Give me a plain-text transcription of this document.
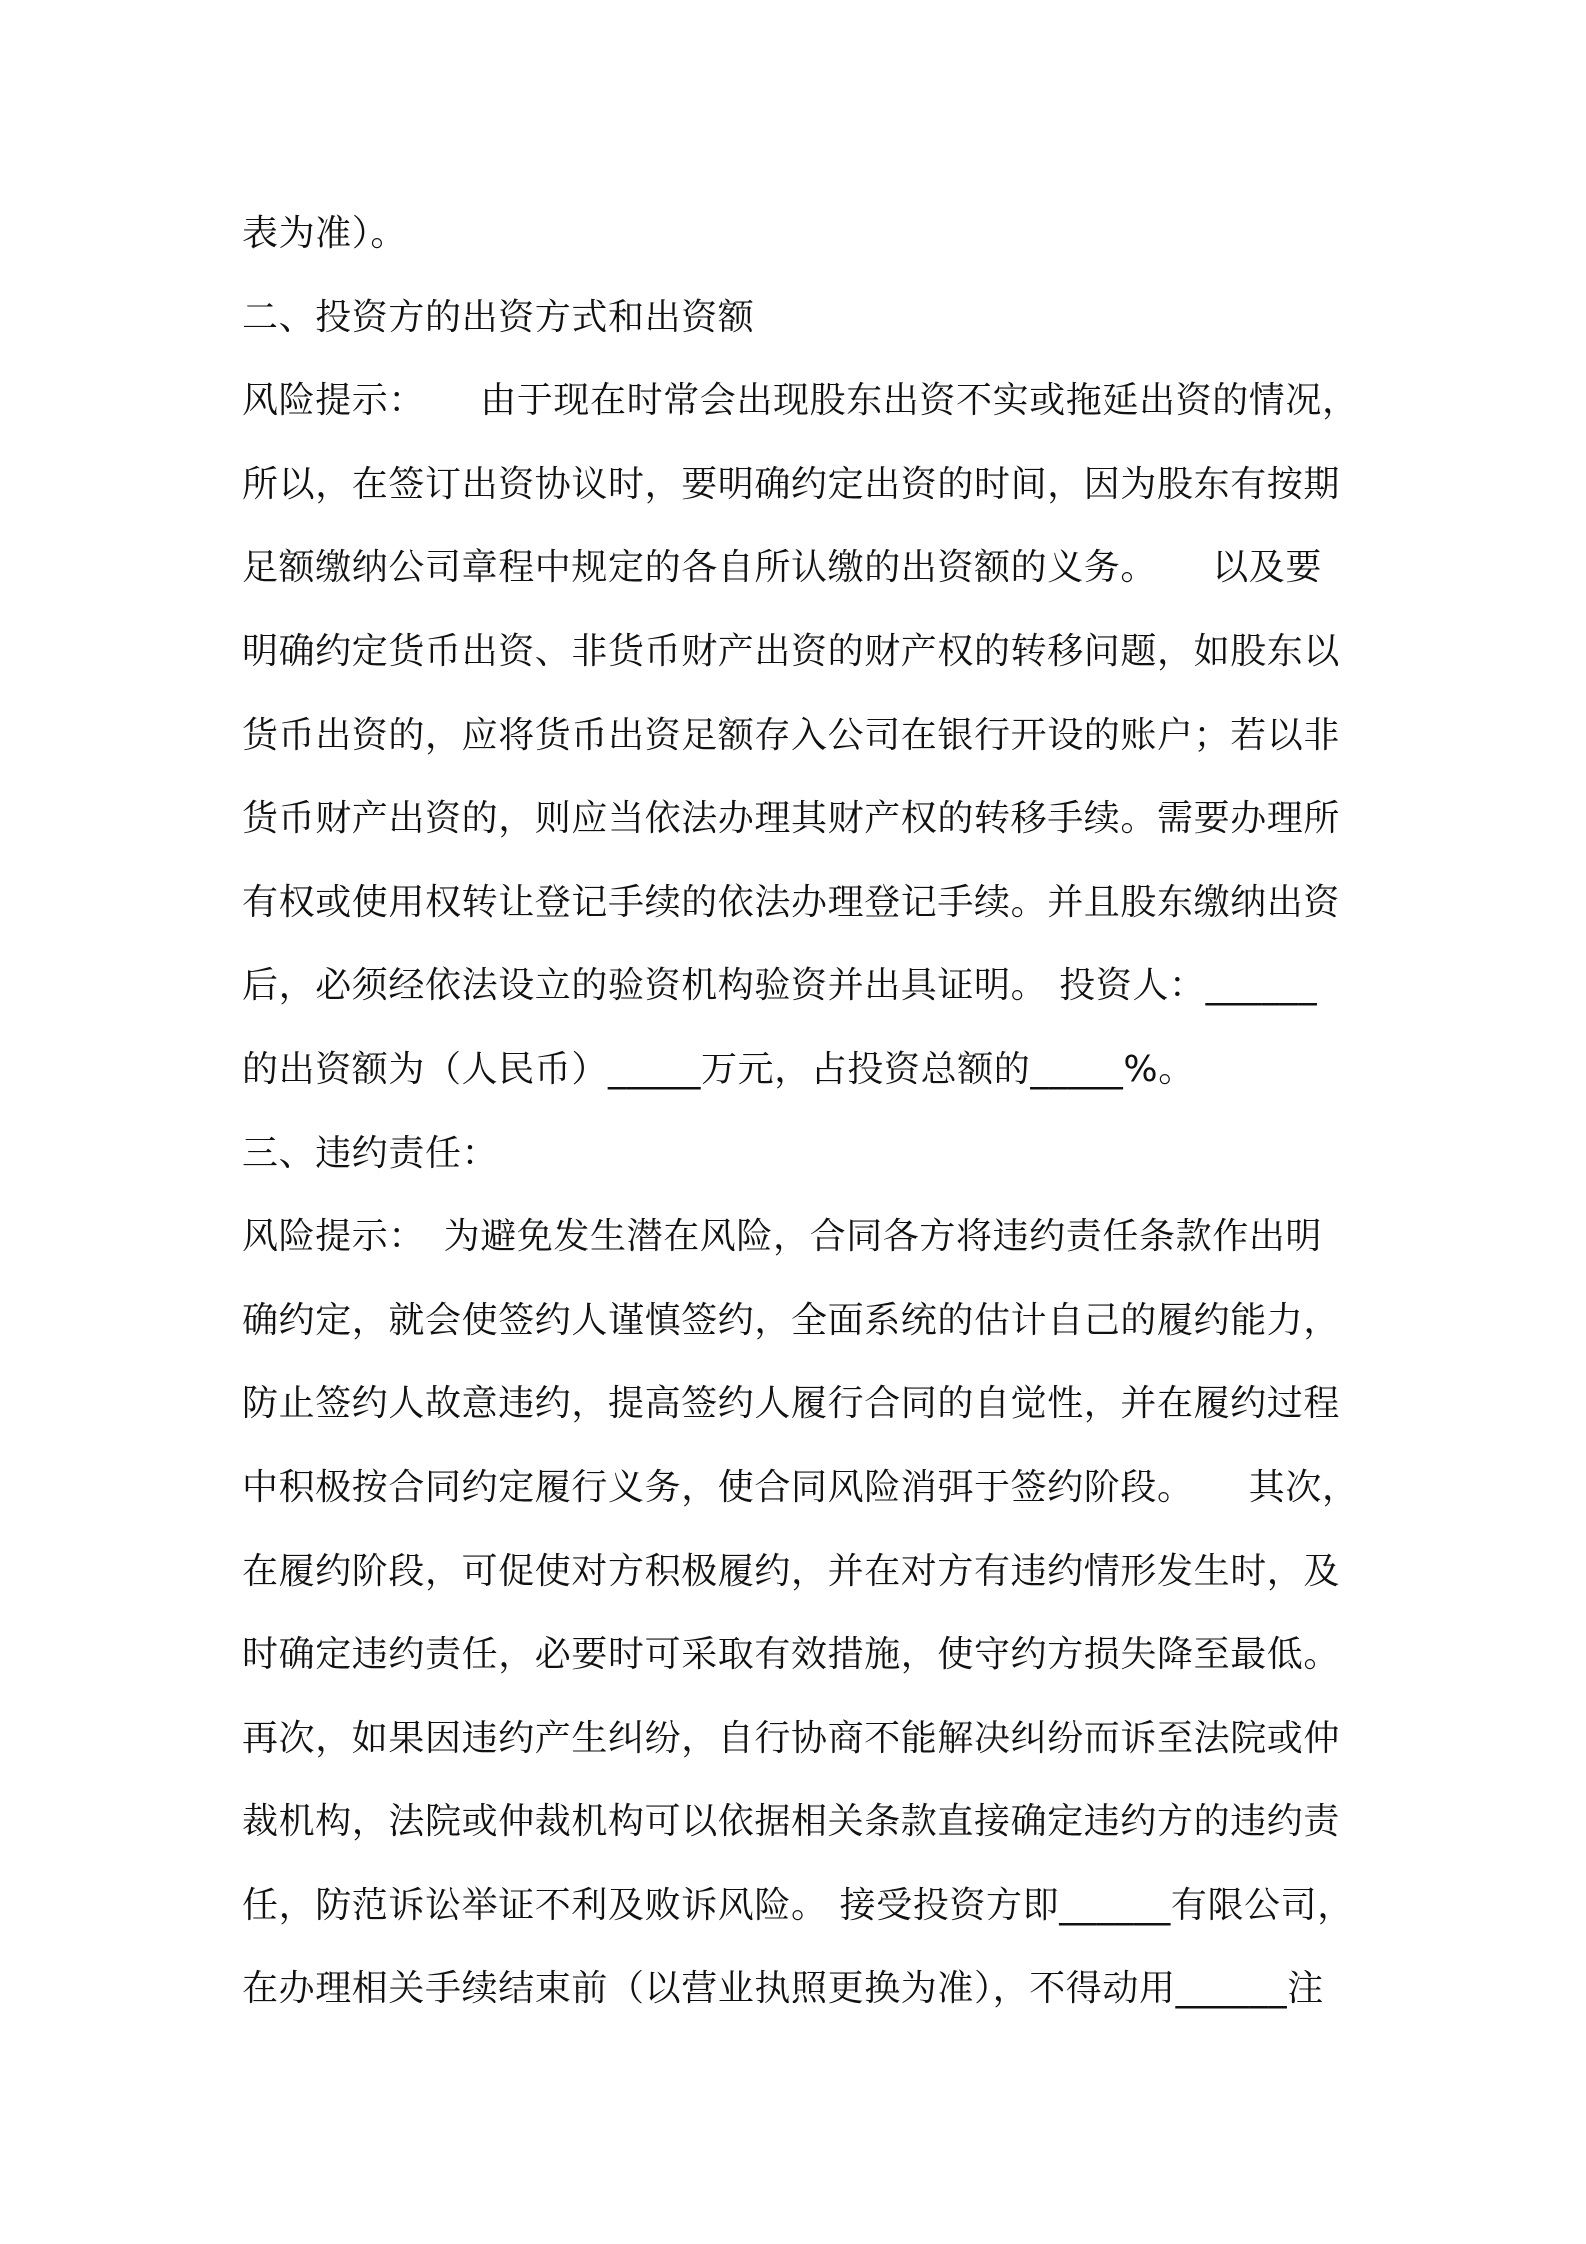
表为准）。
二、投资方的出资方式和出资额
风险提示：　　由于现在时常会出现股东出资不实或拖延出资的情况，
所以，在签订出资协议时，要明确约定出资的时间，因为股东有按期
足额缴纳公司章程中规定的各自所认缴的出资额的义务。　　以及要
明确约定货币出资、非货币财产出资的财产权的转移问题，如股东以
货币出资的，应将货币出资足额存入公司在银行开设的账户；若以非
货币财产出资的，则应当依法办理其财产权的转移手续。需要办理所
有权或使用权转让登记手续的依法办理登记手续。并且股东缴纳出资
后，必须经依法设立的验资机构验资并出具证明。 投资人：______
的出资额为（人民币）_____万元，占投资总额的_____%。
三、违约责任：
风险提示：　为避免发生潜在风险，合同各方将违约责任条款作出明
确约定，就会使签约人谨慎签约，全面系统的估计自己的履约能力，
防止签约人故意违约，提高签约人履行合同的自觉性，并在履约过程
中积极按合同约定履行义务，使合同风险消弭于签约阶段。　　其次，
在履约阶段，可促使对方积极履约，并在对方有违约情形发生时，及
时确定违约责任，必要时可采取有效措施，使守约方损失降至最低。
再次，如果因违约产生纠纷，自行协商不能解决纠纷而诉至法院或仲
裁机构，法院或仲裁机构可以依据相关条款直接确定违约方的违约责
任，防范诉讼举证不利及败诉风险。 接受投资方即______有限公司，
在办理相关手续结束前（以营业执照更换为准），不得动用______注
